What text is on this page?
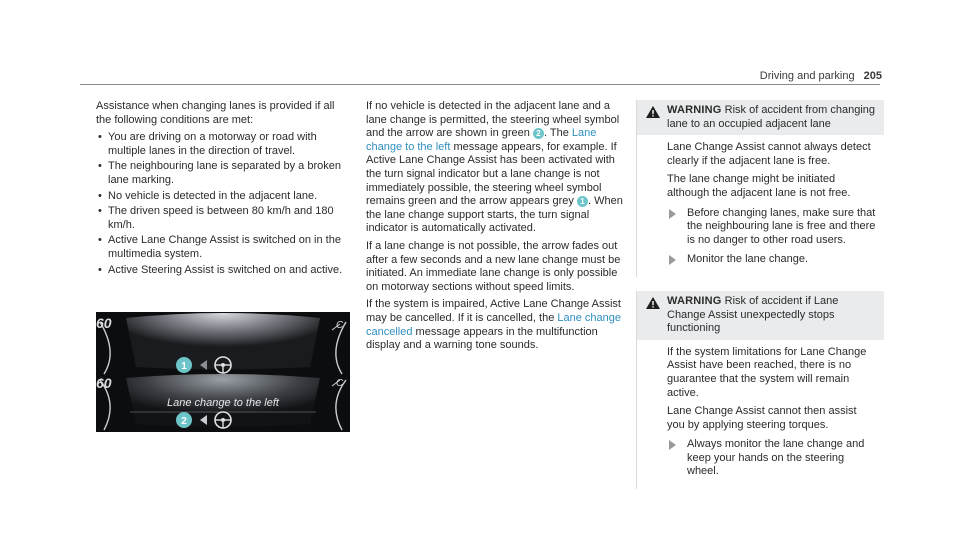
Driving and parking 205

Assistance when changing lanes is provided if all the following conditions are met:

• You are driving on a motorway or road with multiple lanes in the direction of travel.
• The neighbouring lane is separated by a broken lane marking.
• No vehicle is detected in the adjacent lane.
• The driven speed is between 80 km/h and 180 km/h.
• Active Lane Change Assist is switched on in the multimedia system.
• Active Steering Assist is switched on and active.
60
60
C
C
Lane change to the left
1
2

If no vehicle is detected in the adjacent lane and a lane change is permitted, the steering wheel symbol and the arrow are shown in green 2 . The Lane change to the left message appears, for example. If Active Lane Change Assist has been activated with the turn signal indicator but a lane change is not immediately possible, the steering wheel symbol remains green and the arrow appears grey 1 . When the lane change support starts, the turn signal indicator is automatically activated.

If a lane change is not possible, the arrow fades out after a few seconds and a new lane change must be initiated. An immediate lane change is only possible on motorway sections without speed limits.

If the system is impaired, Active Lane Change Assist may be cancelled. If it is cancelled, the Lane change cancelled message appears in the multifunction display and a warning tone sounds.

WARNING Risk of accident from changing lane to an occupied adjacent lane

Lane Change Assist cannot always detect clearly if the adjacent lane is free.

The lane change might be initiated although the adjacent lane is not free.

Before changing lanes, make sure that the neighbouring lane is free and there is no danger to other road users.
Monitor the lane change.
WARNING Risk of accident if Lane Change Assist unexpectedly stops functioning

If the system limitations for Lane Change Assist have been reached, there is no guarantee that the system will remain active.

Lane Change Assist cannot then assist you by applying steering torques.

Always monitor the lane change and keep your hands on the steering wheel.
